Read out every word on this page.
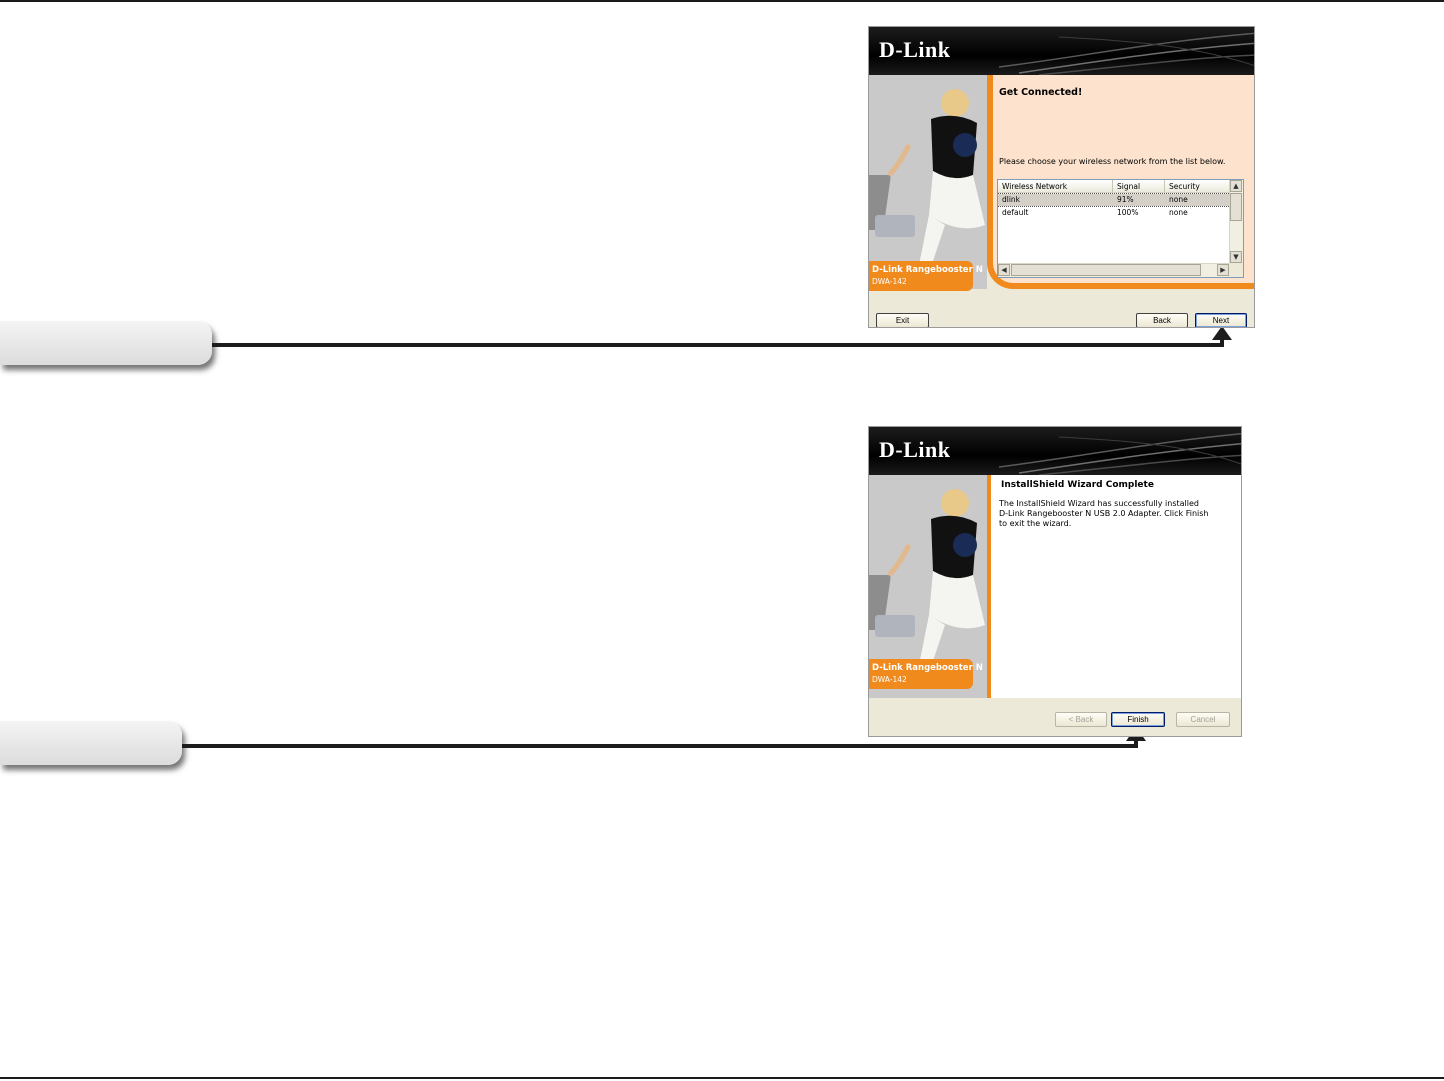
D-Link
D-Link Rangebooster N
DWA-142
Get Connected!
Please choose your wireless network from the list below.
Wireless Network	Signal	Security
dlink	91%	none
default	100%	none
▲
▼
◀	▶
Exit	Back	Next
D-Link
D-Link Rangebooster N
DWA-142
InstallShield Wizard Complete
The InstallShield Wizard has successfully installed D-Link Rangebooster N USB 2.0 Adapter. Click Finish to exit the wizard.
< Back	Finish	Cancel
